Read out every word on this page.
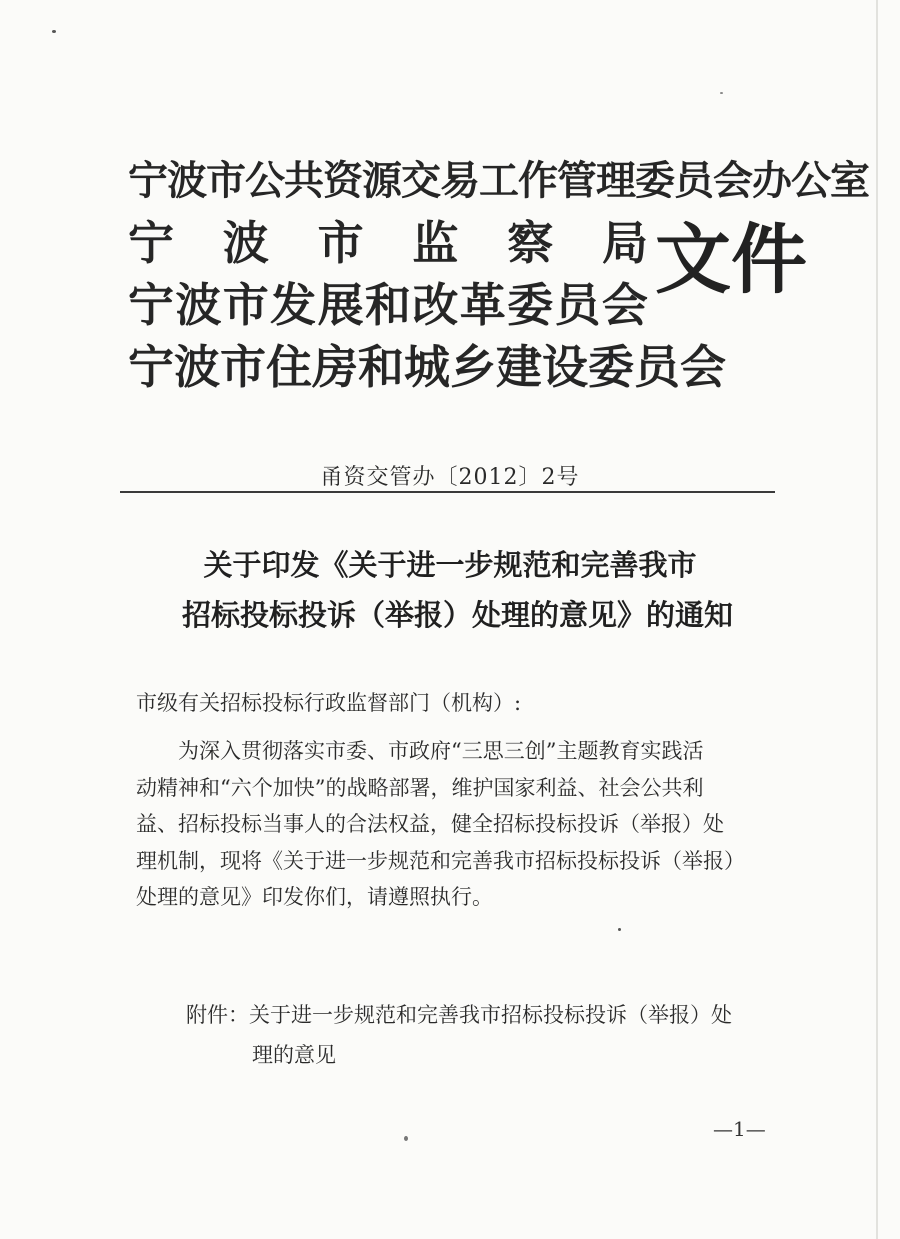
宁波市公共资源交易工作管理委员会办公室
宁 波 市 监 察 局
宁 波 市 发 展 和 改 革 委 员 会
宁 波 市 住 房 和 城 乡 建 设 委 员 会
文件
甬资交管办〔2012〕2号
关于印发《关于进一步规范和完善我市
招标投标投诉（举报）处理的意见》的通知
市级有关招标投标行政监督部门（机构）:
为深入贯彻落实市委、市政府“三思三创”主题教育实践活
动精神和“六个加快”的战略部署，维护国家利益、社会公共利
益、招标投标当事人的合法权益，健全招标投标投诉（举报）处
理机制，现将《关于进一步规范和完善我市招标投标投诉（举报）
处理的意见》印发你们，请遵照执行。
附件：关于进一步规范和完善我市招标投标投诉（举报）处
理的意见
—1—
